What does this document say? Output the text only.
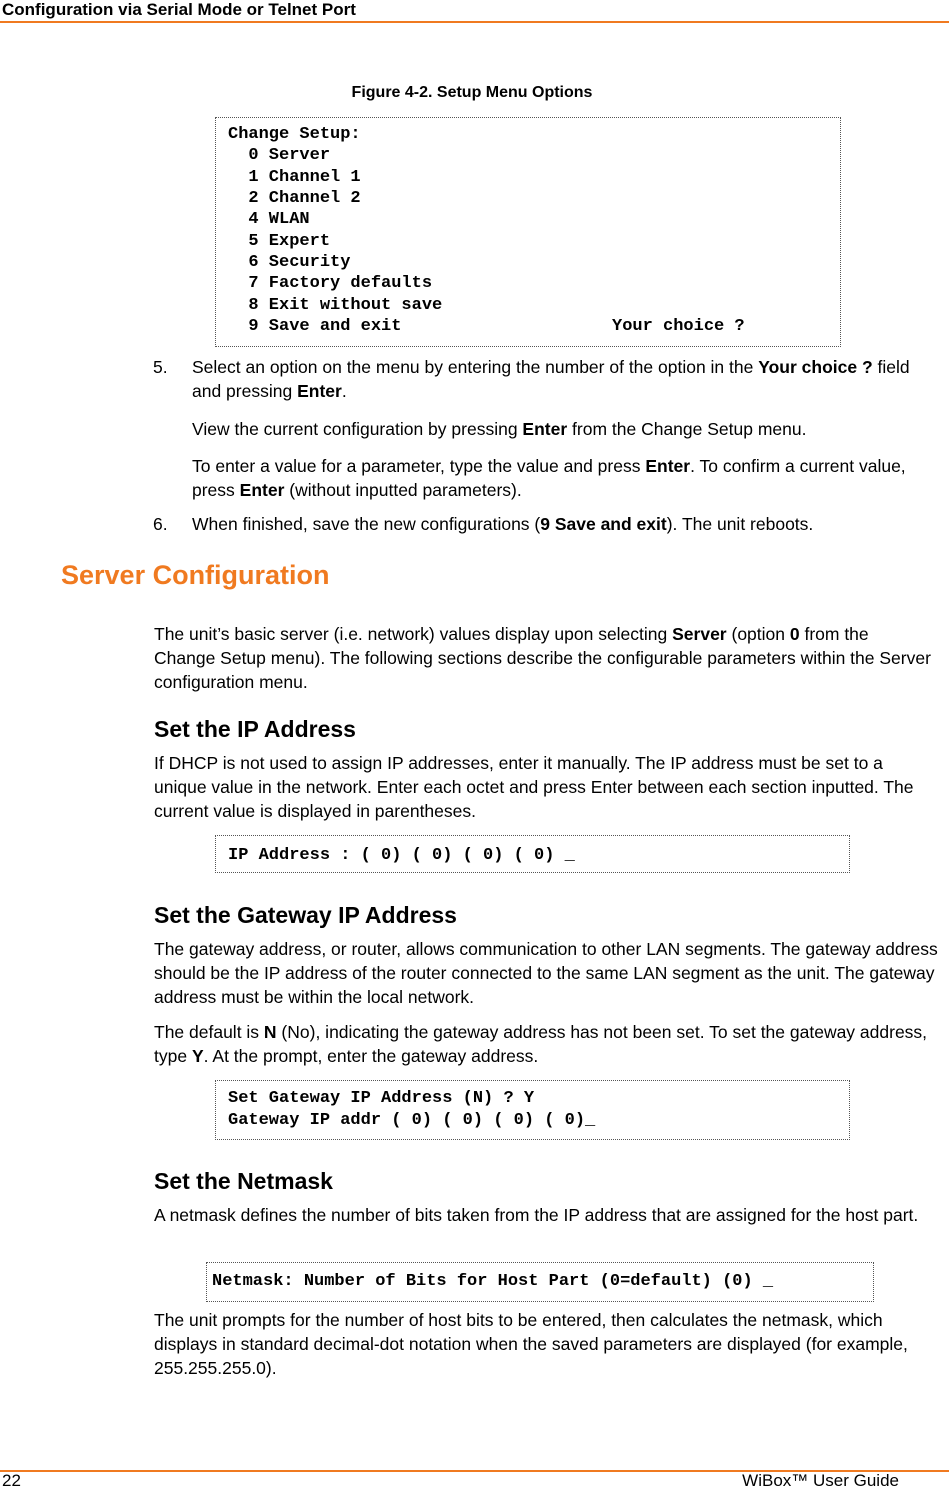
Configuration via Serial Mode or Telnet Port
Figure 4-2. Setup Menu Options

Change Setup:

0 Server

1 Channel 1

2 Channel 2

4 WLAN

5 Expert

6 Security

7 Factory defaults

8 Exit without save

9 Save and exit

	Your choice ?

5. Select an option on the menu by entering the number of the option in the Your choice ? field and pressing Enter.
View the current configuration by pressing Enter from the Change Setup menu.
To enter a value for a parameter, type the value and press Enter. To confirm a current value, press Enter (without inputted parameters).
6. When finished, save the new configurations (9 Save and exit). The unit reboots.
Server Configuration
The unit’s basic server (i.e. network) values display upon selecting Server (option 0 from the Change Setup menu). The following sections describe the configurable parameters within the Server configuration menu.
Set the IP Address
If DHCP is not used to assign IP addresses, enter it manually. The IP address must be set to a unique value in the network. Enter each octet and press Enter between each section inputted. The current value is displayed in parentheses.

IP Address : ( 0) ( 0) ( 0) ( 0) _

Set the Gateway IP Address
The gateway address, or router, allows communication to other LAN segments. The gateway address should be the IP address of the router connected to the same LAN segment as the unit. The gateway address must be within the local network.
The default is N (No), indicating the gateway address has not been set. To set the gateway address, type Y. At the prompt, enter the gateway address.

Set Gateway IP Address (N) ? Y

Gateway IP addr ( 0) ( 0) ( 0) ( 0)_

Set the Netmask
A netmask defines the number of bits taken from the IP address that are assigned for the host part.

Netmask: Number of Bits for Host Part (0=default) (0) _

The unit prompts for the number of host bits to be entered, then calculates the netmask, which displays in standard decimal-dot notation when the saved parameters are displayed (for example, 255.255.255.0).
22	WiBox™ User Guide
